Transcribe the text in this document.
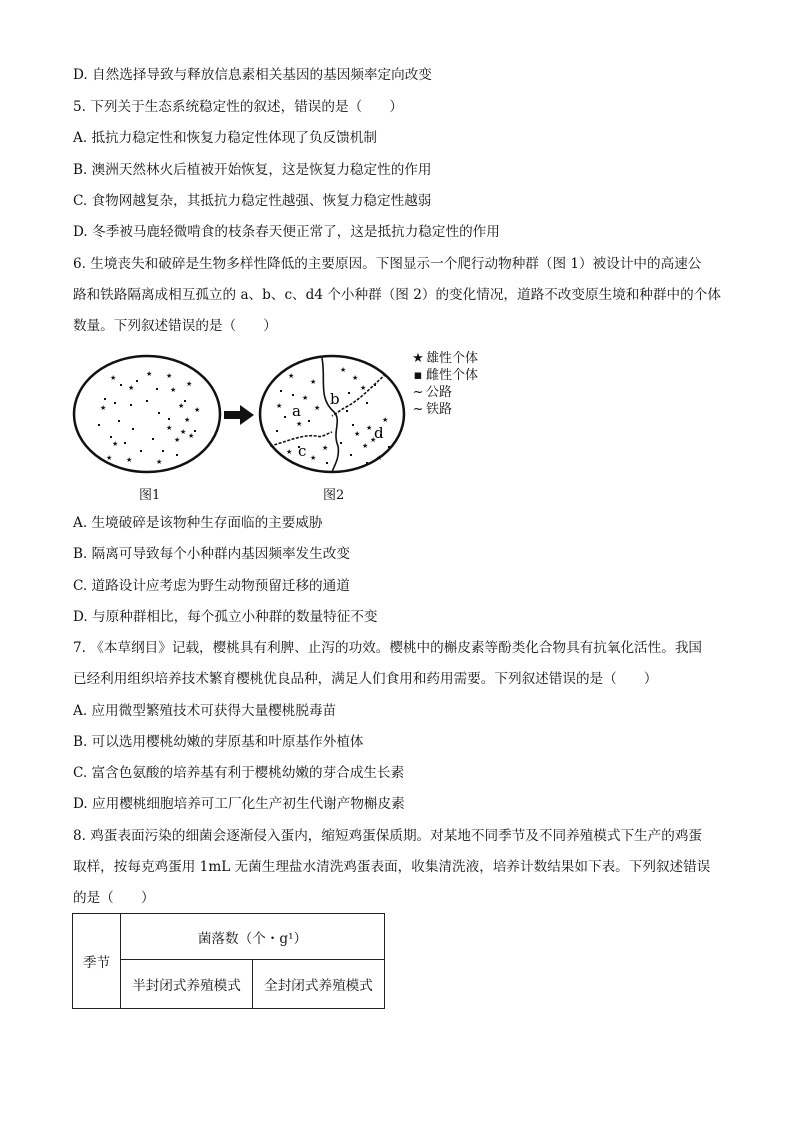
D. 自然选择导致与释放信息素相关基因的基因频率定向改变
5. 下列关于生态系统稳定性的叙述，错误的是（　　）
A. 抵抗力稳定性和恢复力稳定性体现了负反馈机制
B. 澳洲天然林火后植被开始恢复，这是恢复力稳定性的作用
C. 食物网越复杂，其抵抗力稳定性越强、恢复力稳定性越弱
D. 冬季被马鹿轻微啃食的枝条春天便正常了，这是抵抗力稳定性的作用
6. 生境丧失和破碎是生物多样性降低的主要原因。下图显示一个爬行动物种群（图 1）被设计中的高速公
路和铁路隔离成相互孤立的 a、b、c、d4 个小种群（图 2）的变化情况，道路不改变原生境和种群中的个体
数量。下列叙述错误的是（　　）
★	★ ★
★	★
★
★	★ ★
★
★ ★
★ ★
★
★	★
★
★
★
★
★
★
★
★
★
★
★
★
★
★
★
★
★
★
★
a
b
c
d
图1	图2
★ 雄性个体
▪ 雌性个体
~ 公路
~ 铁路
A. 生境破碎是该物种生存面临的主要威胁
B. 隔离可导致每个小种群内基因频率发生改变
C. 道路设计应考虑为野生动物预留迁移的通道
D. 与原种群相比，每个孤立小种群的数量特征不变
7. 《本草纲目》记载，樱桃具有利脾、止泻的功效。樱桃中的槲皮素等酚类化合物具有抗氧化活性。我国
已经利用组织培养技术繁育樱桃优良品种，满足人们食用和药用需要。下列叙述错误的是（　　）
A. 应用微型繁殖技术可获得大量樱桃脱毒苗
B. 可以选用樱桃幼嫩的芽原基和叶原基作外植体
C. 富含色氨酸的培养基有利于樱桃幼嫩的芽合成生长素
D. 应用樱桃细胞培养可工厂化生产初生代谢产物槲皮素
8. 鸡蛋表面污染的细菌会逐渐侵入蛋内，缩短鸡蛋保质期。对某地不同季节及不同养殖模式下生产的鸡蛋
取样，按每克鸡蛋用 1mL 无菌生理盐水清洗鸡蛋表面，收集清洗液，培养计数结果如下表。下列叙述错误
的是（　　）
季节	菌落数（个・g¹）	
	半封闭式养殖模式	全封闭式养殖模式
